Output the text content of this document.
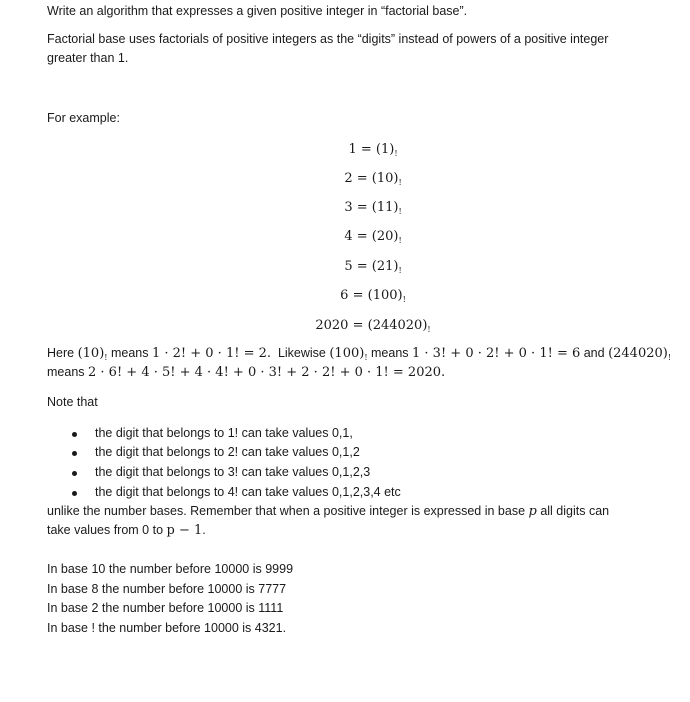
Write an algorithm that expresses a given positive integer in “factorial base”.
Factorial base uses factorials of positive integers as the “digits” instead of powers of a positive integer
greater than 1.
For example:
$1 = (1)_!$
$2 = (10)_!$
$3 = (11)_!$
$4 = (20)_!$
$5 = (21)_!$
$6 = (100)_!$
$2020 = (244020)_!$
Here $(10)_!$ means 1 · 2! + 0 · 1! = 2.  Likewise $(100)_!$ means 1 · 3! + 0 · 2! + 0 · 1! = 6 and $(244020)_!$
means 2 · 6! + 4 · 5! + 4 · 4! + 0 · 3! + 2 · 2! + 0 · 1! = 2020.
Note that
the digit that belongs to 1! can take values 0,1,
the digit that belongs to 2! can take values 0,1,2
the digit that belongs to 3! can take values 0,1,2,3
the digit that belongs to 4! can take values 0,1,2,3,4 etc
unlike the number bases. Remember that when a positive integer is expressed in base p all digits can
take values from 0 to p − 1.
In base 10 the number before 10000 is 9999
In base 8 the number before 10000 is 7777
In base 2 the number before 10000 is 1111
In base ! the number before 10000 is 4321.
